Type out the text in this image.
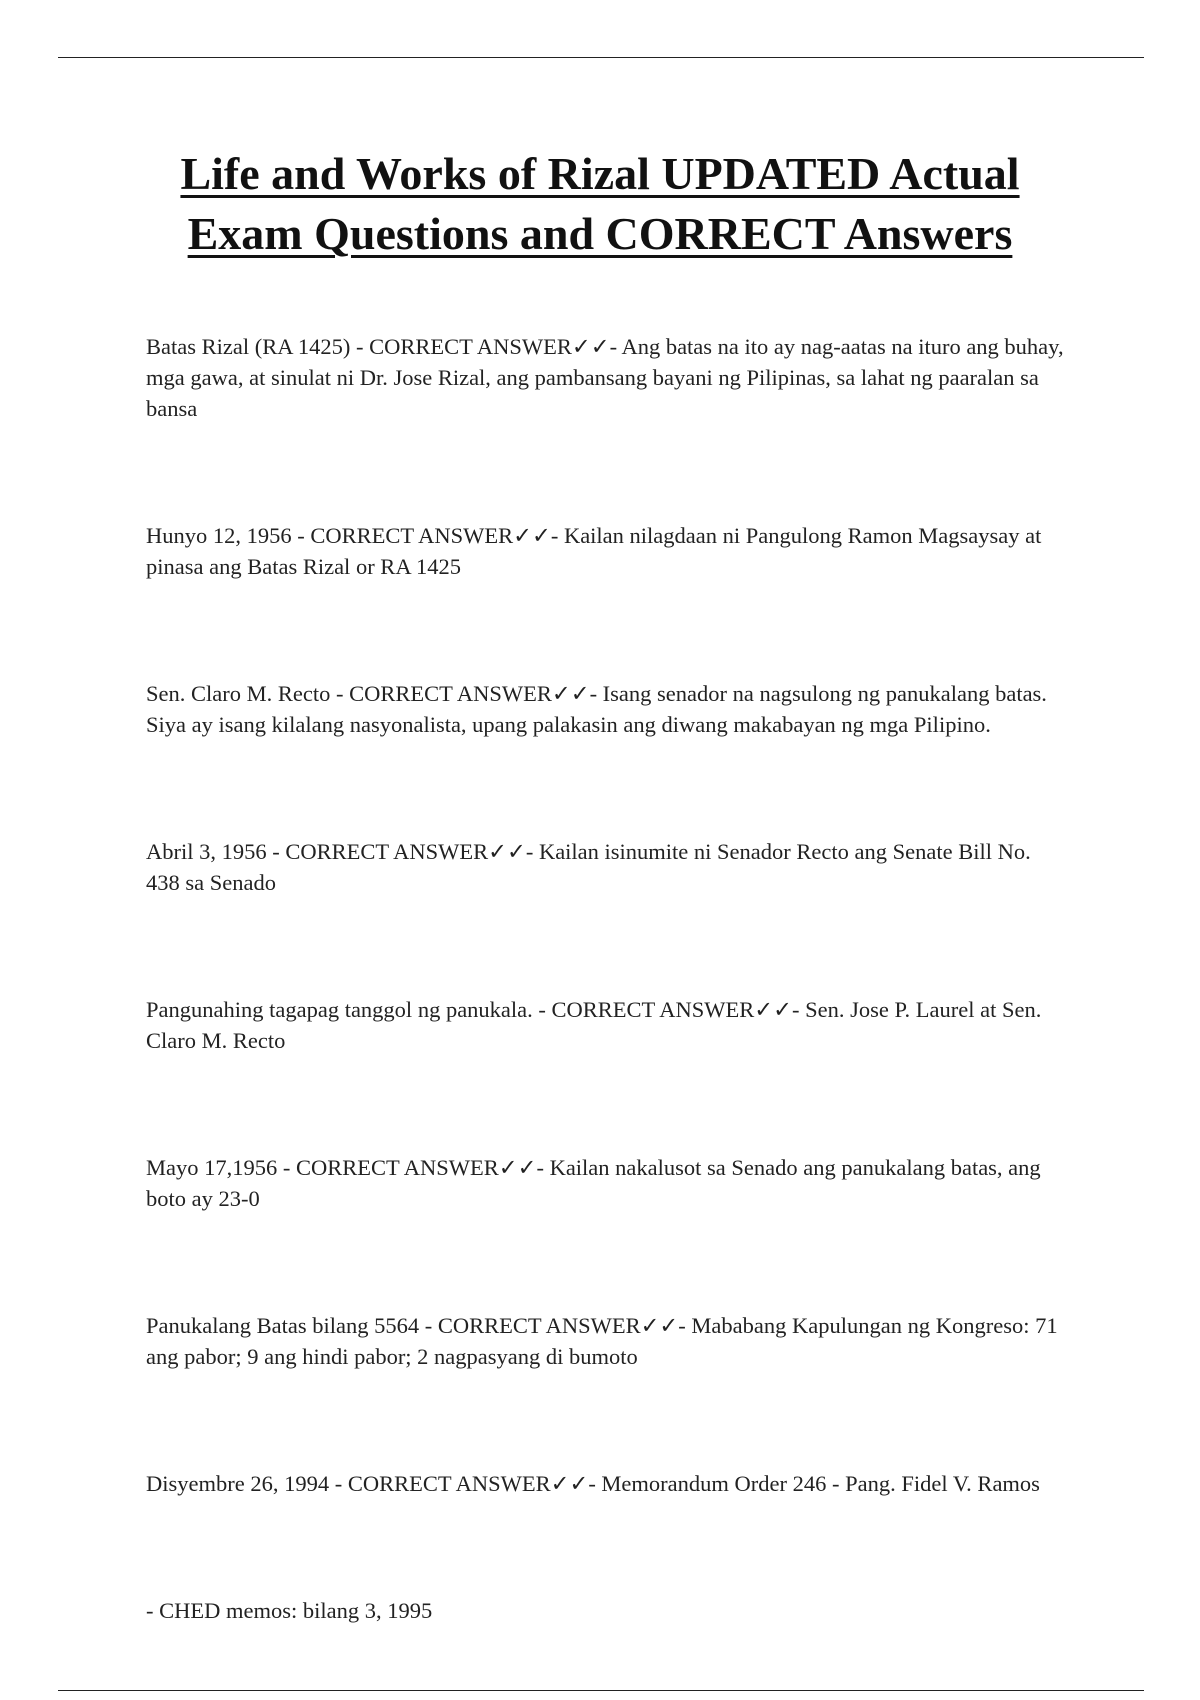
Life and Works of Rizal UPDATED Actual
Exam Questions and CORRECT Answers

Batas Rizal (RA 1425) - CORRECT ANSWER✓✓- Ang batas na ito ay nag-aatas na ituro ang buhay, mga gawa, at sinulat ni Dr. Jose Rizal, ang pambansang bayani ng Pilipinas, sa lahat ng paaralan sa bansa

Hunyo 12, 1956 - CORRECT ANSWER✓✓- Kailan nilagdaan ni Pangulong Ramon Magsaysay at pinasa ang Batas Rizal or RA 1425

Sen. Claro M. Recto - CORRECT ANSWER✓✓- Isang senador na nagsulong ng panukalang batas. Siya ay isang kilalang nasyonalista, upang palakasin ang diwang makabayan ng mga Pilipino.

Abril 3, 1956 - CORRECT ANSWER✓✓- Kailan isinumite ni Senador Recto ang Senate Bill No. 438 sa Senado

Pangunahing tagapag tanggol ng panukala. - CORRECT ANSWER✓✓- Sen. Jose P. Laurel at Sen. Claro M. Recto

Mayo 17,1956 - CORRECT ANSWER✓✓- Kailan nakalusot sa Senado ang panukalang batas, ang boto ay 23-0

Panukalang Batas bilang 5564 - CORRECT ANSWER✓✓- Mababang Kapulungan ng Kongreso: 71 ang pabor; 9 ang hindi pabor; 2 nagpasyang di bumoto

Disyembre 26, 1994 - CORRECT ANSWER✓✓- Memorandum Order 246 - Pang. Fidel V. Ramos

- CHED memos: bilang 3, 1995
